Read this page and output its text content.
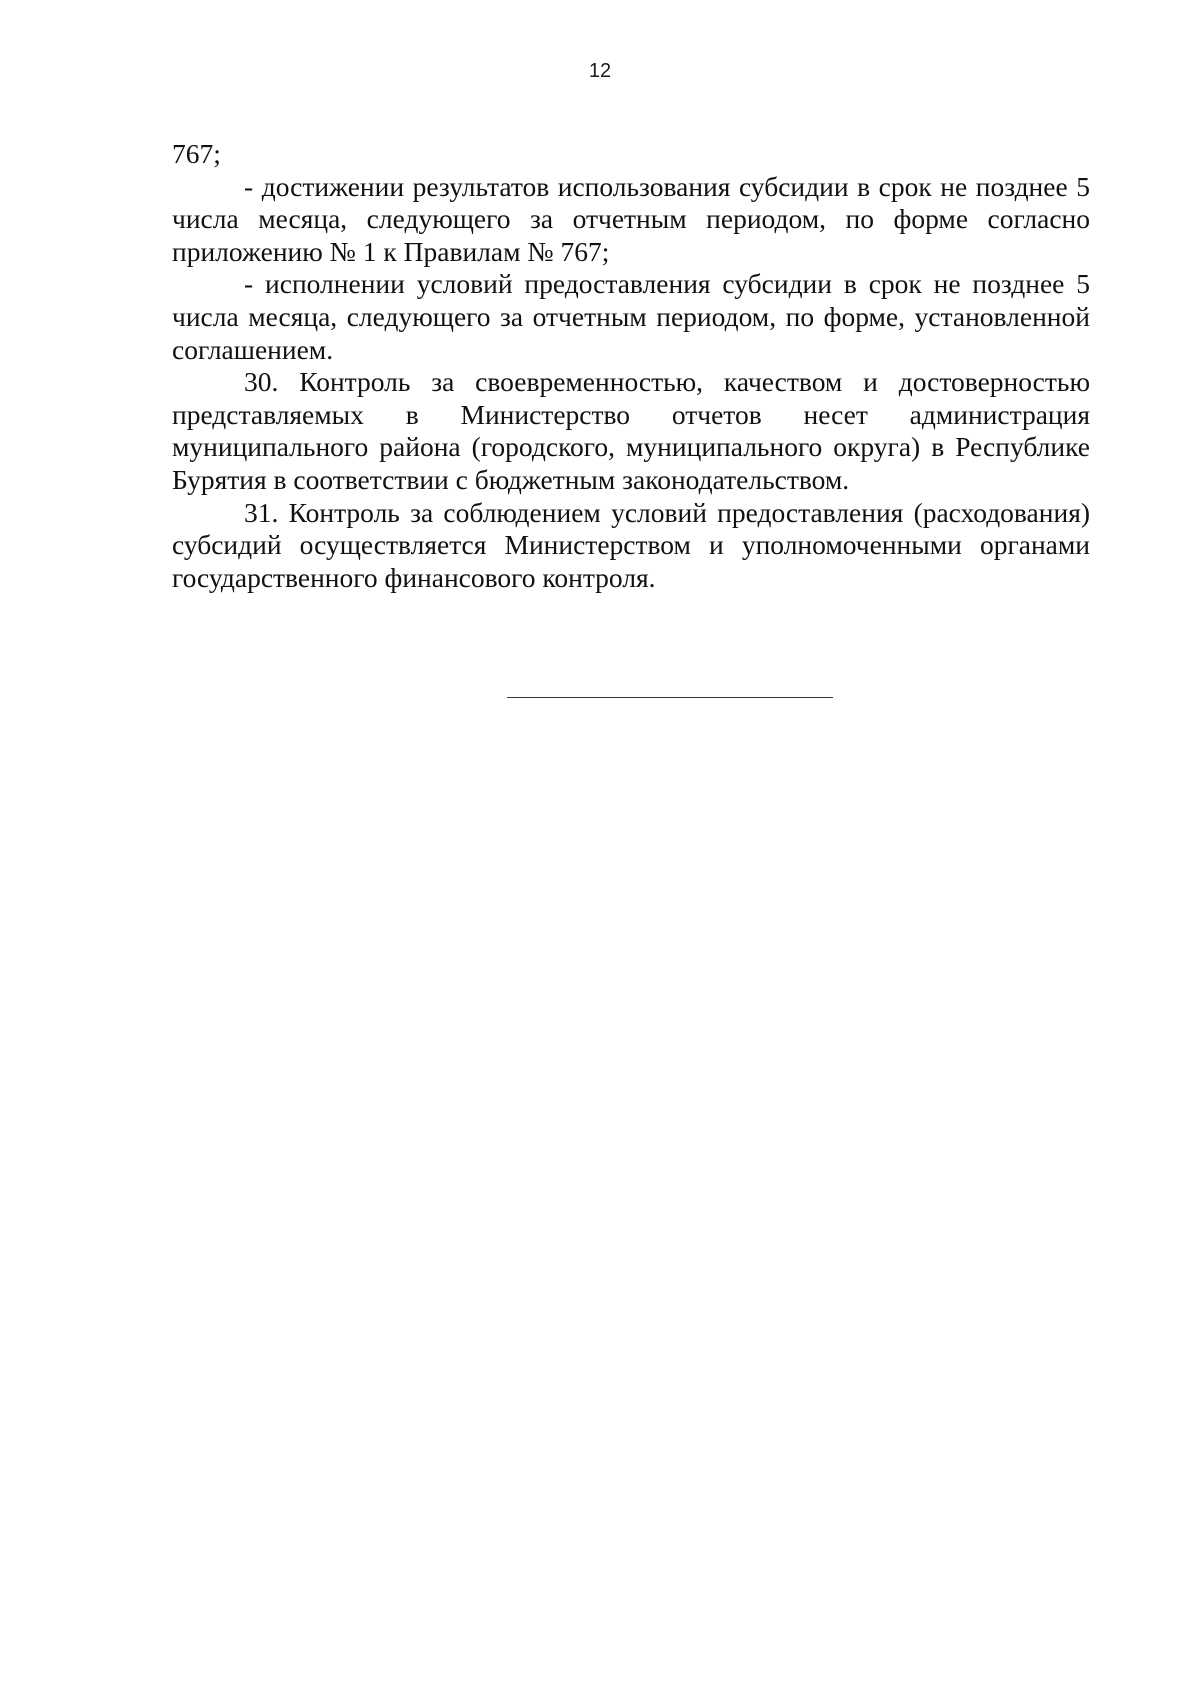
12

767;

- достижении результатов использования субсидии в срок не позднее 5 числа месяца, следующего за отчетным периодом, по форме согласно приложению № 1 к Правилам № 767;

- исполнении условий предоставления субсидии в срок не позднее 5 числа месяца, следующего за отчетным периодом, по форме, установленной соглашением.

30. Контроль за своевременностью, качеством и достоверностью представляемых в Министерство отчетов несет администрация муниципального района (городского, муниципального округа) в Республике Бурятия в соответствии с бюджетным законодательством.

31. Контроль за соблюдением условий предоставления (расходования) субсидий осуществляется Министерством и уполномоченными органами государственного финансового контроля.
